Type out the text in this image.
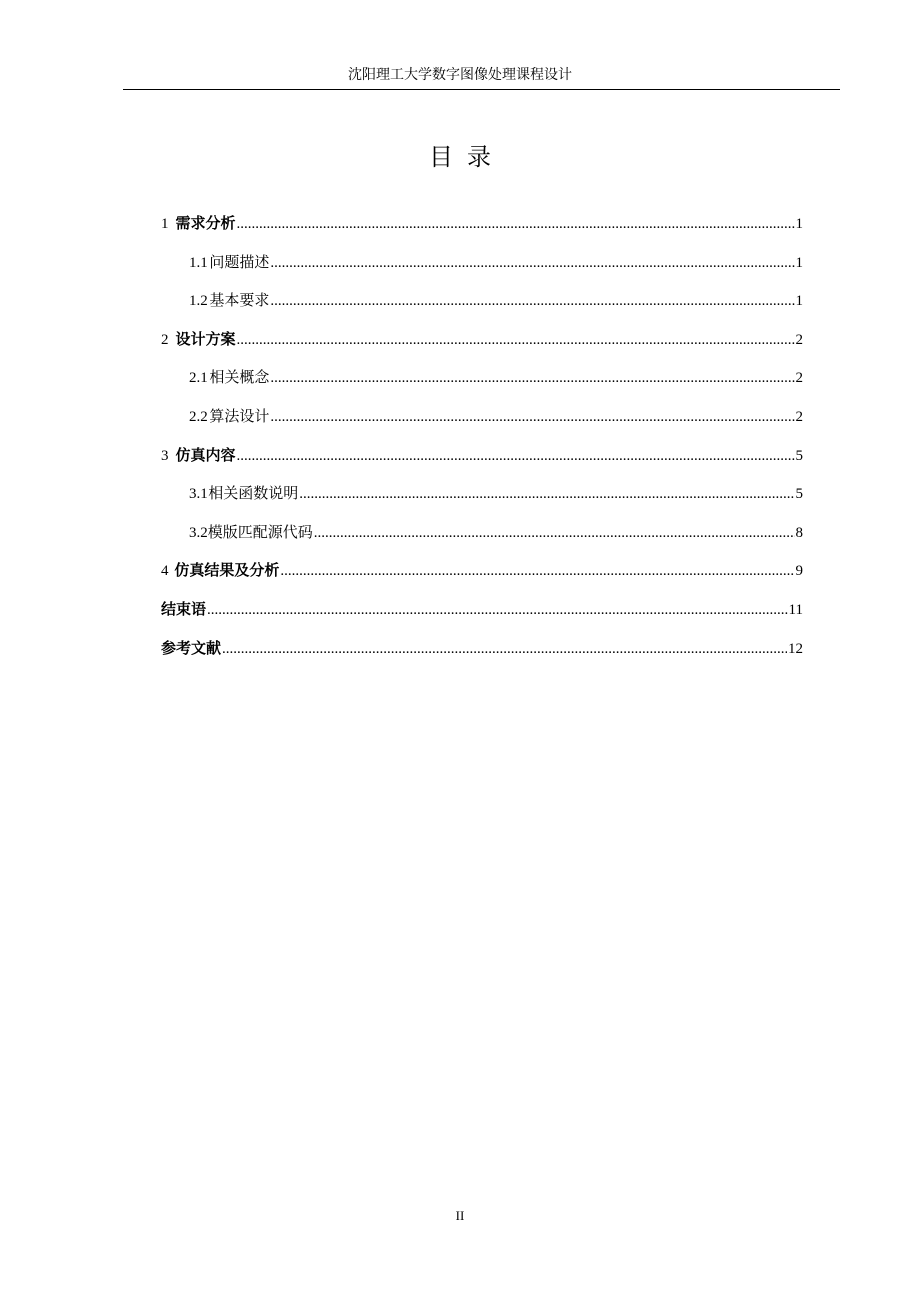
沈阳理工大学数字图像处理课程设计
目录
1 需求分析 .....	1
1.1 问题描述 .....	1
1.2 基本要求 .....	1
2 设计方案 .....	2
2.1 相关概念 .....	2
2.2 算法设计 .....	2
3 仿真内容 .....	5
3.1 相关函数说明 .....	5
3.2 模版匹配源代码 .....	8
4 仿真结果及分析 .....	9
结束语 .....	11
参考文献 .....	12
II
